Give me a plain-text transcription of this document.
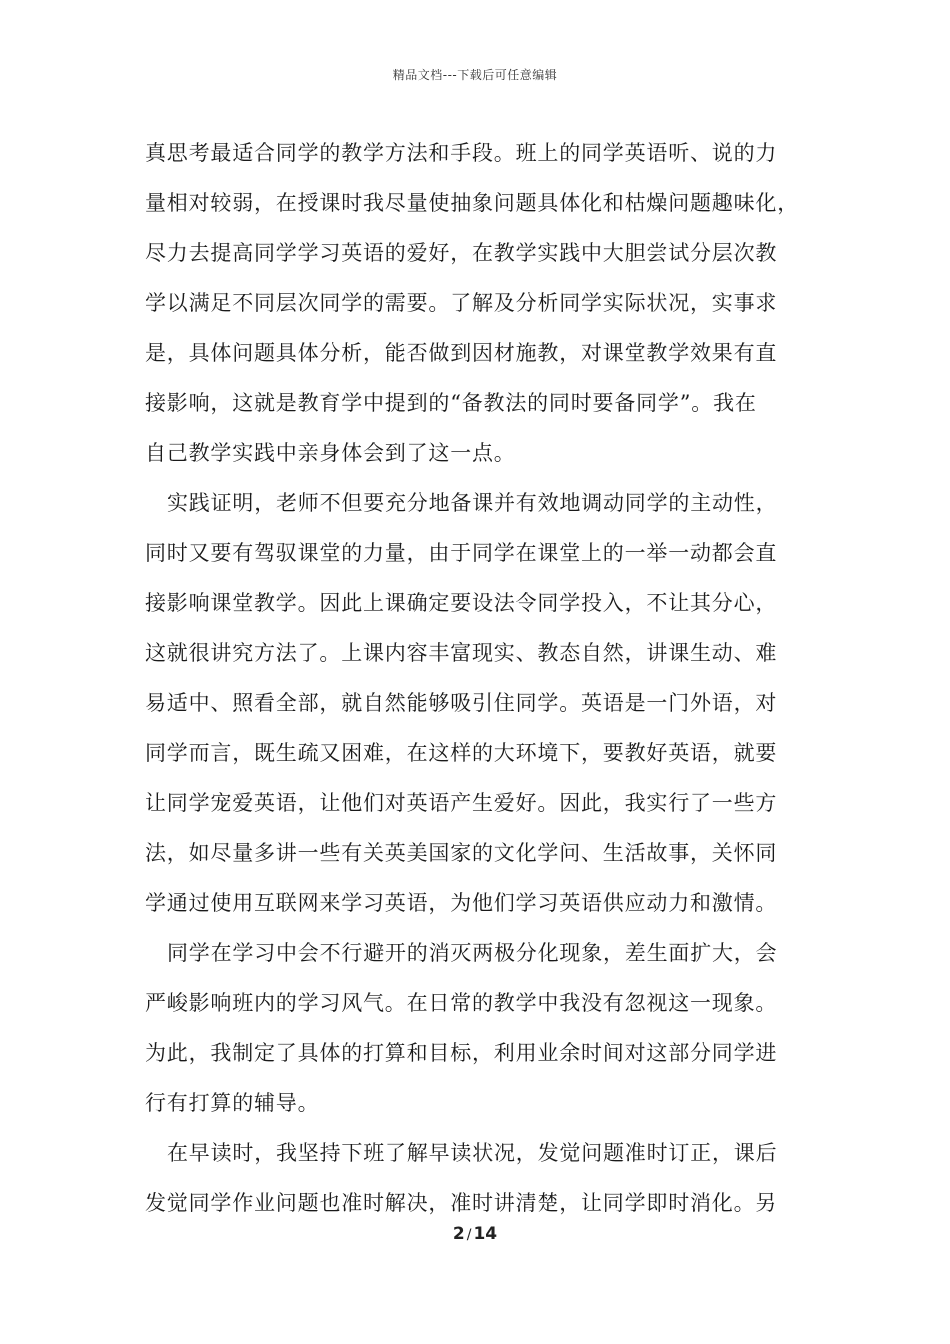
精品文档---下载后可任意编辑
真思考最适合同学的教学方法和手段。班上的同学英语听、说的力
量相对较弱，在授课时我尽量使抽象问题具体化和枯燥问题趣味化，
尽力去提高同学学习英语的爱好，在教学实践中大胆尝试分层次教
学以满足不同层次同学的需要。了解及分析同学实际状况，实事求
是，具体问题具体分析，能否做到因材施教，对课堂教学效果有直
接影响，这就是教育学中提到的“备教法的同时要备同学”。我在
自己教学实践中亲身体会到了这一点。
实践证明，老师不但要充分地备课并有效地调动同学的主动性，
同时又要有驾驭课堂的力量，由于同学在课堂上的一举一动都会直
接影响课堂教学。因此上课确定要设法令同学投入，不让其分心，
这就很讲究方法了。上课内容丰富现实、教态自然，讲课生动、难
易适中、照看全部，就自然能够吸引住同学。英语是一门外语，对
同学而言，既生疏又困难，在这样的大环境下，要教好英语，就要
让同学宠爱英语，让他们对英语产生爱好。因此，我实行了一些方
法，如尽量多讲一些有关英美国家的文化学问、生活故事，关怀同
学通过使用互联网来学习英语，为他们学习英语供应动力和激情。
同学在学习中会不行避开的消灭两极分化现象，差生面扩大，会
严峻影响班内的学习风气。在日常的教学中我没有忽视这一现象。
为此，我制定了具体的打算和目标，利用业余时间对这部分同学进
行有打算的辅导。
在早读时，我坚持下班了解早读状况，发觉问题准时订正，课后
发觉同学作业问题也准时解决，准时讲清楚，让同学即时消化。另
2 / 14
